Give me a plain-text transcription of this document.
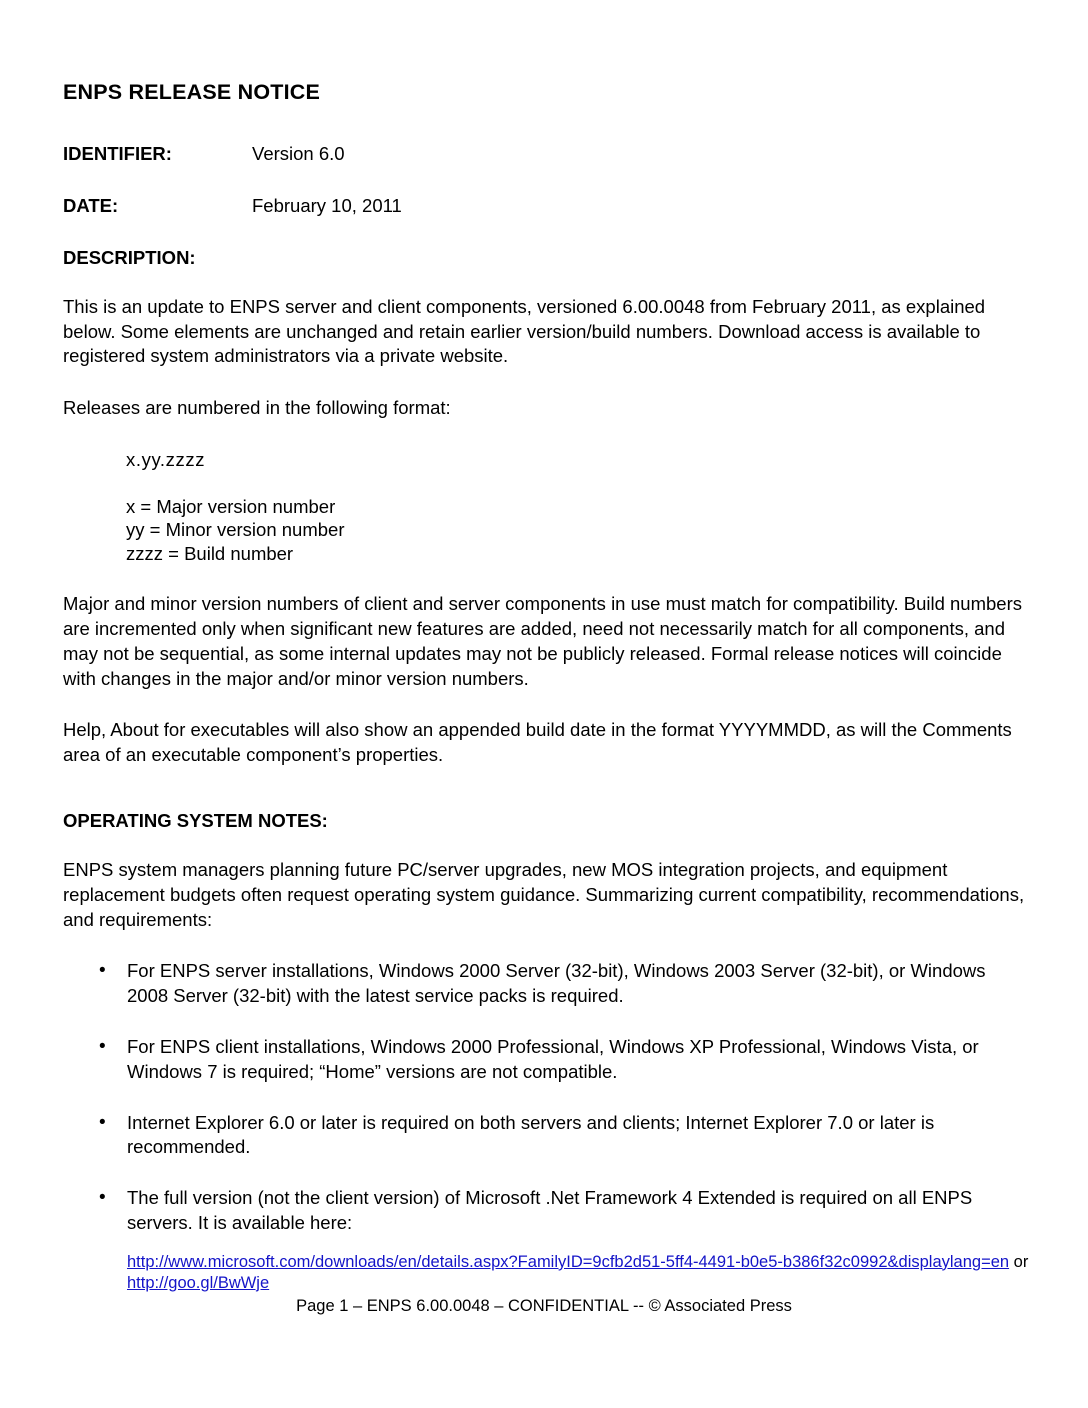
ENPS RELEASE NOTICE
IDENTIFIER:	Version 6.0
DATE:	February 10, 2011
DESCRIPTION:

This is an update to ENPS server and client components, versioned 6.00.0048 from February 2011, as explained below. Some elements are unchanged and retain earlier version/build numbers. Download access is available to registered system administrators via a private website.

Releases are numbered in the following format:

x.yy.zzzz
x = Major version number
yy = Minor version number
zzzz = Build number

Major and minor version numbers of client and server components in use must match for compatibility. Build numbers are incremented only when significant new features are added, need not necessarily match for all components, and may not be sequential, as some internal updates may not be publicly released. Formal release notices will coincide with changes in the major and/or minor version numbers.

Help, About for executables will also show an appended build date in the format YYYYMMDD, as will the Comments area of an executable component’s properties.

OPERATING SYSTEM NOTES:

ENPS system managers planning future PC/server upgrades, new MOS integration projects, and equipment replacement budgets often request operating system guidance. Summarizing current compatibility, recommendations, and requirements:

• For ENPS server installations, Windows 2000 Server (32-bit), Windows 2003 Server (32-bit), or Windows 2008 Server (32-bit) with the latest service packs is required.
• For ENPS client installations, Windows 2000 Professional, Windows XP Professional, Windows Vista, or Windows 7 is required; “Home” versions are not compatible.
• Internet Explorer 6.0 or later is required on both servers and clients; Internet Explorer 7.0 or later is recommended.
• The full version (not the client version) of Microsoft .Net Framework 4 Extended is required on all ENPS servers. It is available here:
http://www.microsoft.com/downloads/en/details.aspx?FamilyID=9cfb2d51-5ff4-4491-b0e5-b386f32c0992&displaylang=en or http://goo.gl/BwWje
Page 1 – ENPS 6.00.0048 – CONFIDENTIAL -- © Associated Press
